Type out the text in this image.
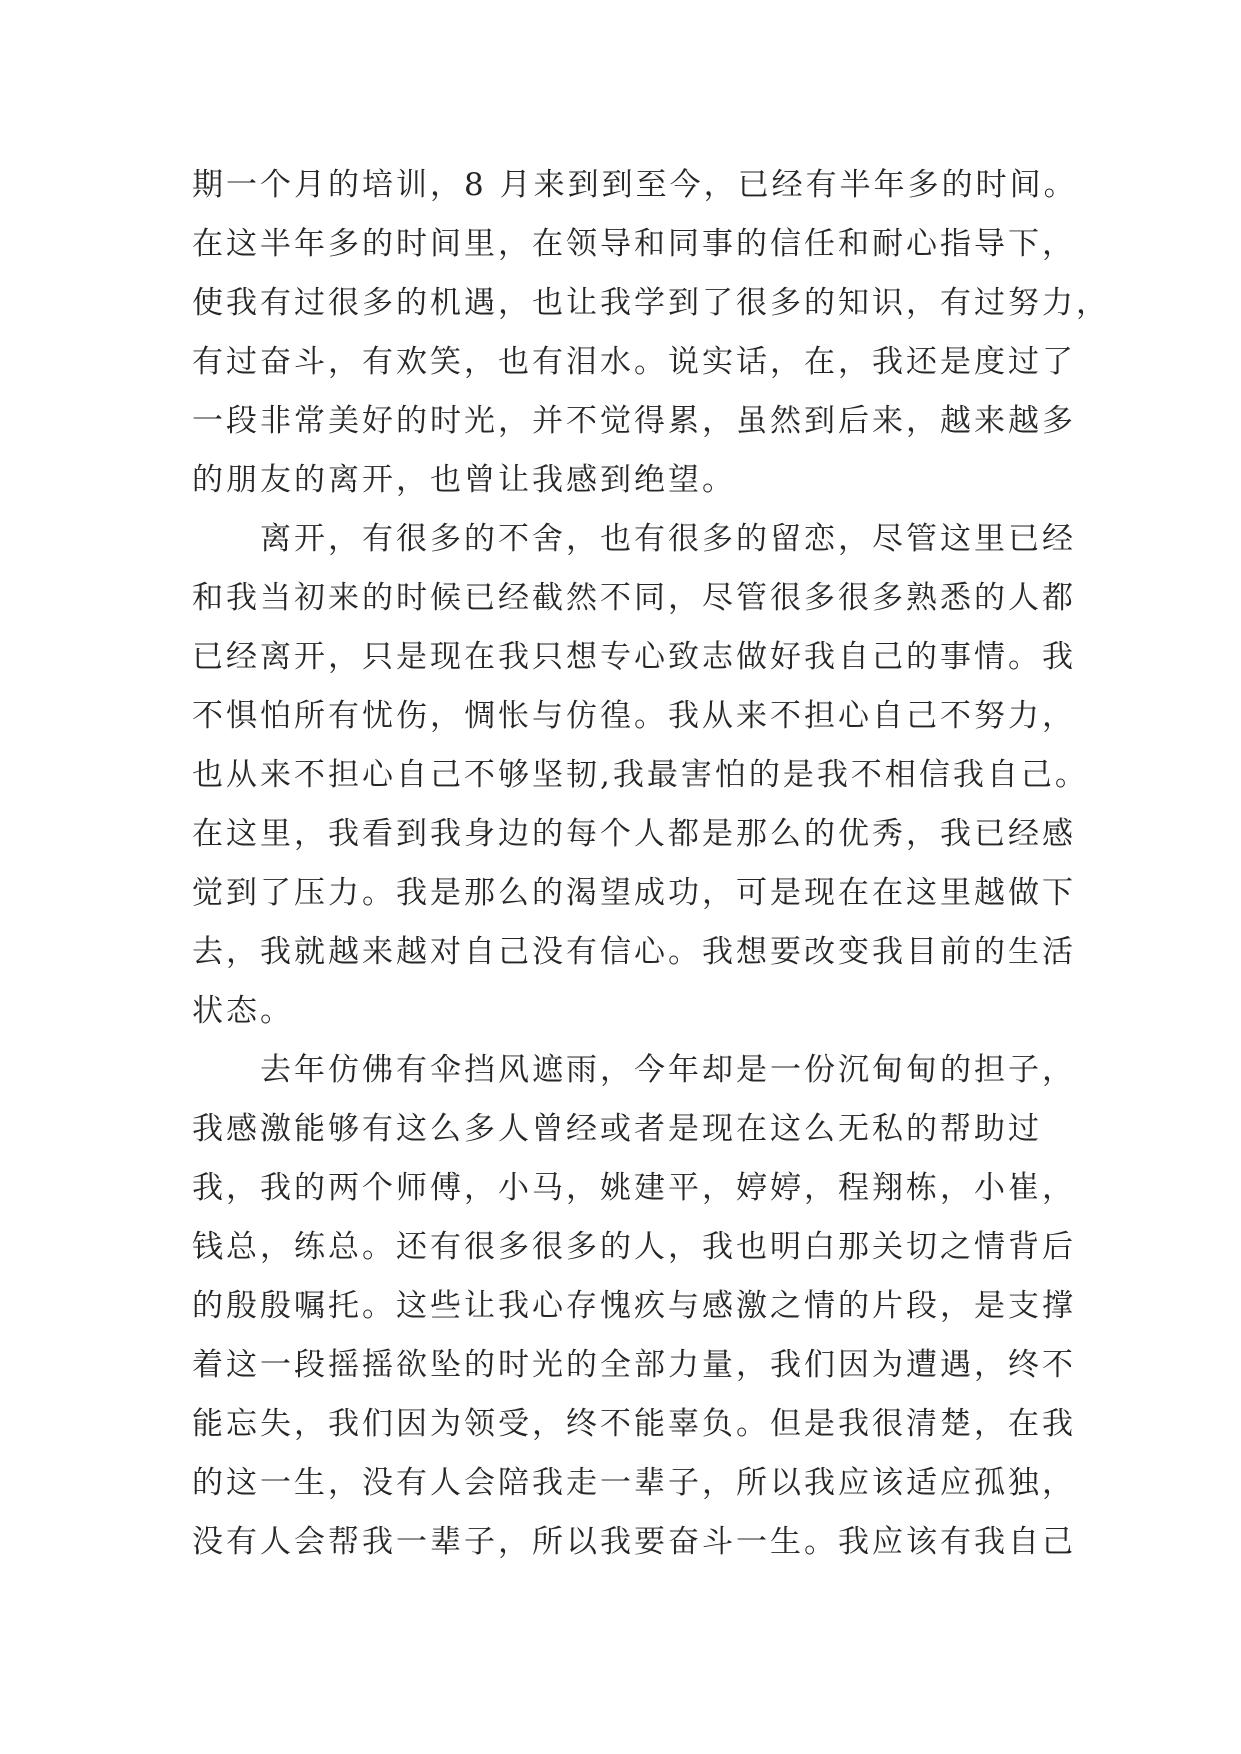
期一个月的培训，8 月来到到至今，已经有半年多的时间。
在这半年多的时间里，在领导和同事的信任和耐心指导下，
使我有过很多的机遇，也让我学到了很多的知识，有过努力，
有过奋斗，有欢笑，也有泪水。说实话，在，我还是度过了
一段非常美好的时光，并不觉得累，虽然到后来，越来越多
的朋友的离开，也曾让我感到绝望。
　　离开，有很多的不舍，也有很多的留恋，尽管这里已经
和我当初来的时候已经截然不同，尽管很多很多熟悉的人都
已经离开，只是现在我只想专心致志做好我自己的事情。我
不惧怕所有忧伤，惆怅与仿徨。我从来不担心自己不努力，
也从来不担心自己不够坚韧,我最害怕的是我不相信我自己。
在这里，我看到我身边的每个人都是那么的优秀，我已经感
觉到了压力。我是那么的渴望成功，可是现在在这里越做下
去，我就越来越对自己没有信心。我想要改变我目前的生活
状态。
　　去年仿佛有伞挡风遮雨，今年却是一份沉甸甸的担子，
我感激能够有这么多人曾经或者是现在这么无私的帮助过
我，我的两个师傅，小马，姚建平，婷婷，程翔栋，小崔，
钱总，练总。还有很多很多的人，我也明白那关切之情背后
的殷殷嘱托。这些让我心存愧疚与感激之情的片段，是支撑
着这一段摇摇欲坠的时光的全部力量，我们因为遭遇，终不
能忘失，我们因为领受，终不能辜负。但是我很清楚，在我
的这一生，没有人会陪我走一辈子，所以我应该适应孤独，
没有人会帮我一辈子，所以我要奋斗一生。我应该有我自己
